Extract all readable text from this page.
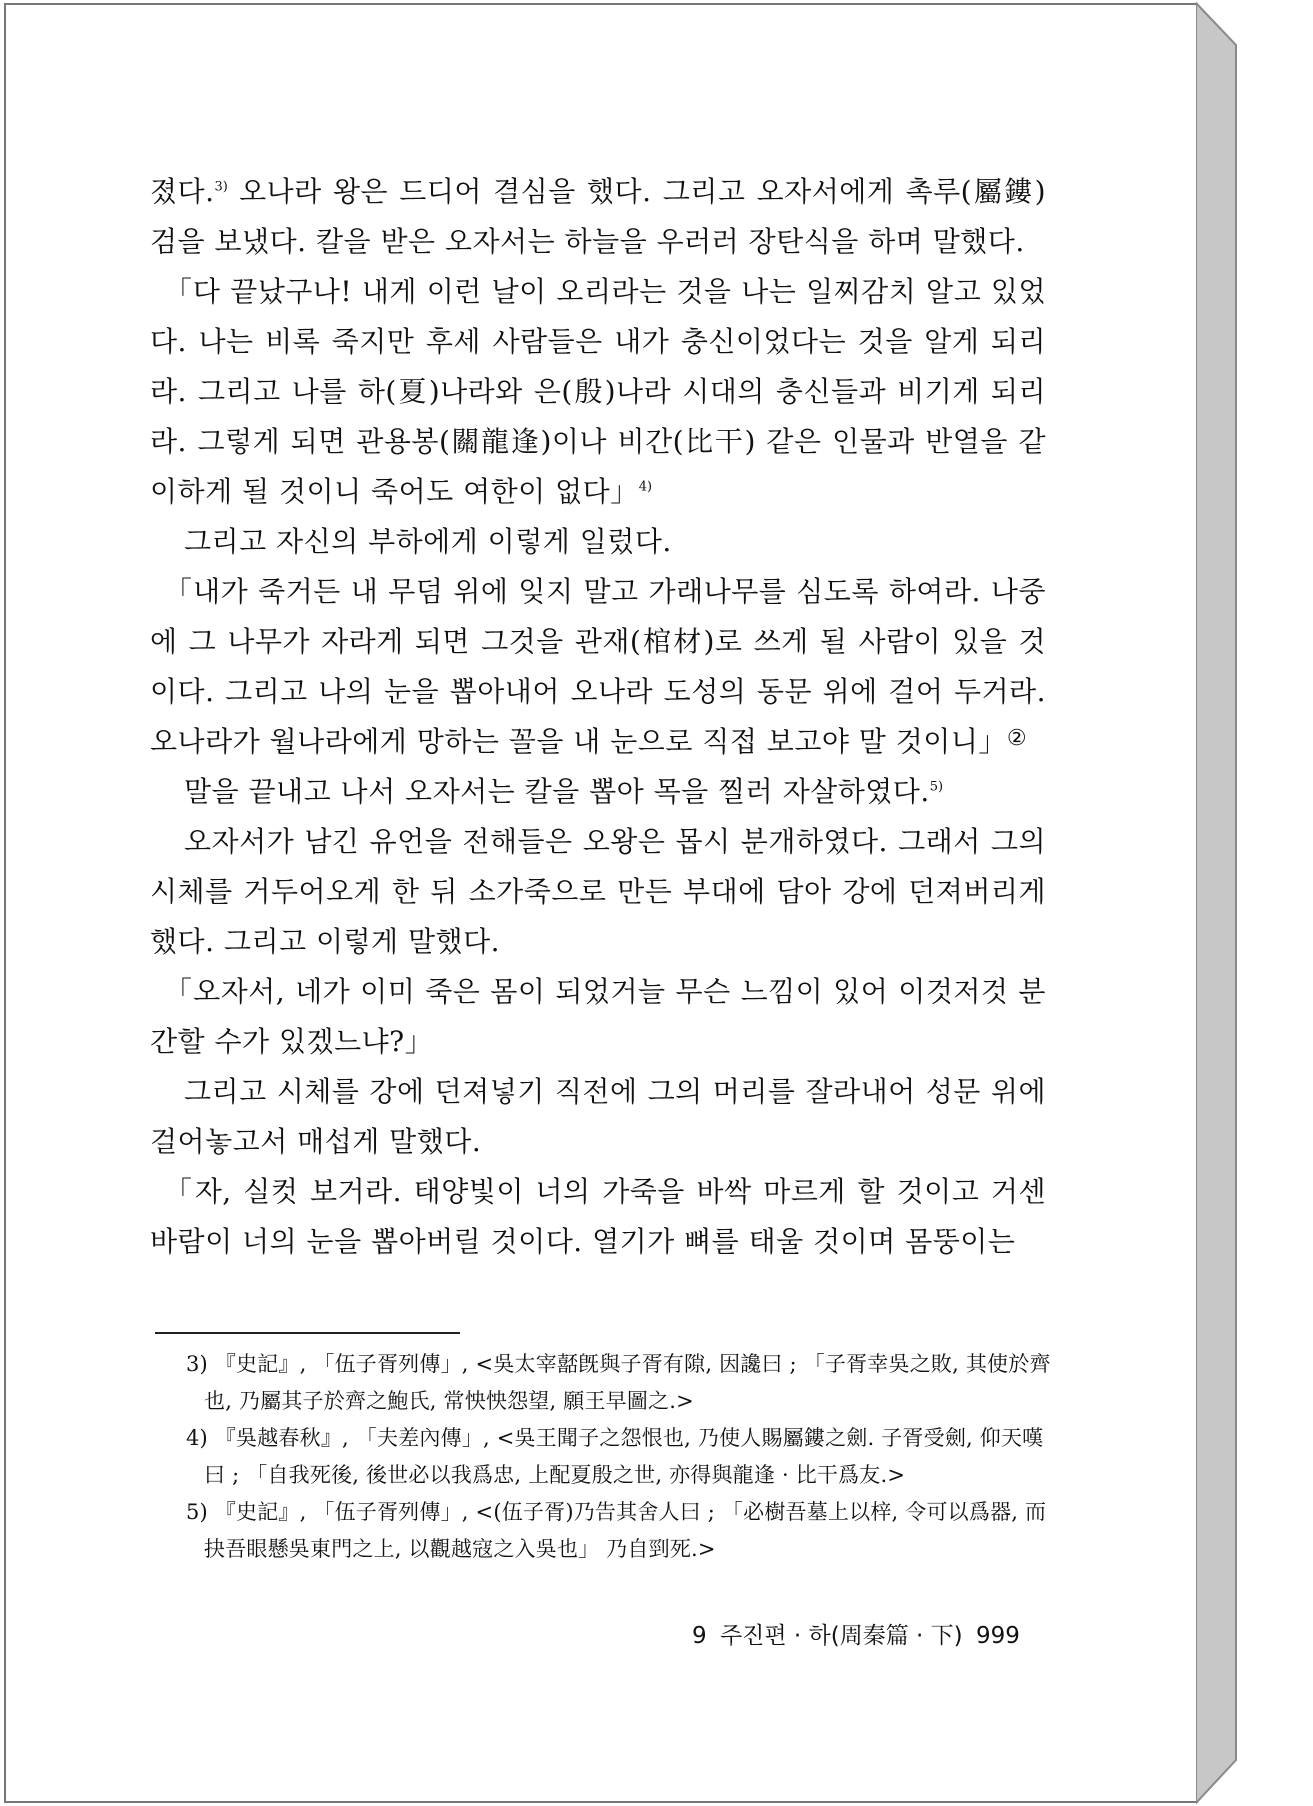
졌다.$^{3)}$ 오나라 왕은 드디어 결심을 했다. 그리고 오자서에게 촉루(屬鏤)검을 보냈다. 칼을 받은 오자서는 하늘을 우러러 장탄식을 하며 말했다.

「다 끝났구나! 내게 이런 날이 오리라는 것을 나는 일찌감치 알고 있었다. 나는 비록 죽지만 후세 사람들은 내가 충신이었다는 것을 알게 되리라. 그리고 나를 하(夏)나라와 은(殷)나라 시대의 충신들과 비기게 되리라. 그렇게 되면 관용봉(關龍逢)이나 비간(比干) 같은 인물과 반열을 같이하게 될 것이니 죽어도 여한이 없다」$^{4)}$

그리고 자신의 부하에게 이렇게 일렀다.

「내가 죽거든 내 무덤 위에 잊지 말고 가래나무를 심도록 하여라. 나중에 그 나무가 자라게 되면 그것을 관재(棺材)로 쓰게 될 사람이 있을 것이다. 그리고 나의 눈을 뽑아내어 오나라 도성의 동문 위에 걸어 두거라. 오나라가 월나라에게 망하는 꼴을 내 눈으로 직접 보고야 말 것이니」②

말을 끝내고 나서 오자서는 칼을 뽑아 목을 찔러 자살하였다.$^{5)}$

오자서가 남긴 유언을 전해들은 오왕은 몹시 분개하였다. 그래서 그의 시체를 거두어오게 한 뒤 소가죽으로 만든 부대에 담아 강에 던져버리게 했다. 그리고 이렇게 말했다.

「오자서, 네가 이미 죽은 몸이 되었거늘 무슨 느낌이 있어 이것저것 분간할 수가 있겠느냐?」

그리고 시체를 강에 던져넣기 직전에 그의 머리를 잘라내어 성문 위에 걸어놓고서 매섭게 말했다.

「자, 실컷 보거라. 태양빛이 너의 가죽을 바싹 마르게 할 것이고 거센 바람이 너의 눈을 뽑아버릴 것이다. 열기가 뼈를 태울 것이며 몸뚱이는

3) 『史記』, 「伍子胥列傳」, <吳太宰嚭旣與子胥有隙, 因讒曰 ; 「子胥幸吳之敗, 其使於齊也, 乃屬其子於齊之鮑氏, 常怏怏怨望, 願王早圖之.>

4) 『吳越春秋』, 「夫差內傳」, <吳王聞子之怨恨也, 乃使人賜屬鏤之劍. 子胥受劍, 仰天嘆曰 ; 「自我死後, 後世必以我爲忠, 上配夏殷之世, 亦得與龍逢 · 比干爲友.>

5) 『史記』, 「伍子胥列傳」, <(伍子胥)乃告其舍人曰 ; 「必樹吾墓上以梓, 令可以爲器, 而抉吾眼懸吳東門之上, 以觀越寇之入吳也」 乃自剄死.>

9 주진편 · 하(周秦篇 · 下) 999
